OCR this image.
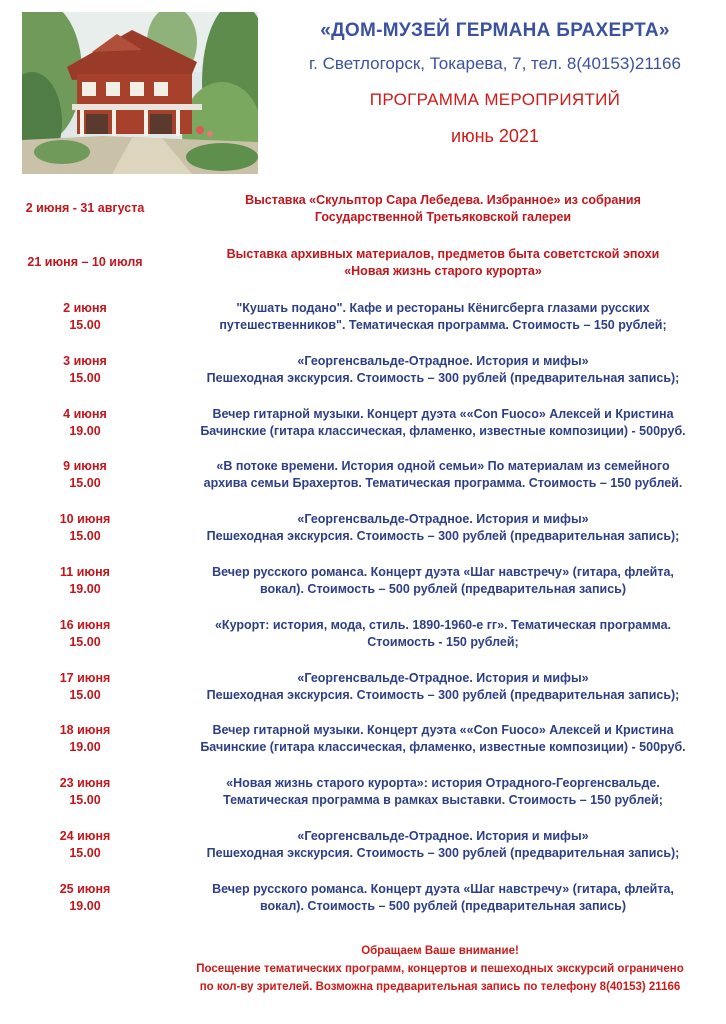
«ДОМ-МУЗЕЙ ГЕРМАНА БРАХЕРТА»
г. Светлогорск, Токарева, 7, тел. 8(40153)21166
ПРОГРАММА МЕРОПРИЯТИЙ
июнь 2021
2 июня - 31 августа
Выставка «Скульптор Сара Лебедева. Избранное» из собрания
Государственной Третьяковской галереи
21 июня – 10 июля
Выставка архивных материалов, предметов быта советстской эпохи
«Новая жизнь старого курорта»
2 июня
15.00
"Кушать подано". Кафе и рестораны Кёнигсберга глазами русских
путешественников". Тематическая программа. Стоимость – 150 рублей;
3 июня
15.00
«Георгенсвальде-Отрадное. История и мифы»
Пешеходная экскурсия. Стоимость – 300 рублей (предварительная запись);
4 июня
19.00
Вечер гитарной музыки. Концерт дуэта ««Con Fuoco» Алексей и Кристина
Бачинские (гитара классическая, фламенко, известные композиции) - 500руб.
9 июня
15.00
«В потоке времени. История одной семьи» По материалам из семейного
архива семьи Брахертов. Тематическая программа. Стоимость – 150 рублей.
10 июня
15.00
«Георгенсвальде-Отрадное. История и мифы»
Пешеходная экскурсия. Стоимость – 300 рублей (предварительная запись);
11 июня
19.00
Вечер русского романса. Концерт дуэта «Шаг навстречу» (гитара, флейта,
вокал). Стоимость – 500 рублей (предварительная запись)
16 июня
15.00
«Курорт: история, мода, стиль. 1890-1960-е гг». Тематическая программа.
Стоимость - 150 рублей;
17 июня
15.00
«Георгенсвальде-Отрадное. История и мифы»
Пешеходная экскурсия. Стоимость – 300 рублей (предварительная запись);
18 июня
19.00
Вечер гитарной музыки. Концерт дуэта ««Con Fuoco» Алексей и Кристина
Бачинские (гитара классическая, фламенко, известные композиции) - 500руб.
23 июня
15.00
«Новая жизнь старого курорта»: история Отрадного-Георгенсвальде.
Тематическая программа в рамках выставки. Стоимость – 150 рублей;
24 июня
15.00
«Георгенсвальде-Отрадное. История и мифы»
Пешеходная экскурсия. Стоимость – 300 рублей (предварительная запись);
25 июня
19.00
Вечер русского романса. Концерт дуэта «Шаг навстречу» (гитара, флейта,
вокал). Стоимость – 500 рублей (предварительная запись)
Обращаем Ваше внимание!
Посещение тематических программ, концертов и пешеходных экскурсий ограничено
по кол-ву зрителей. Возможна предварительная запись по телефону 8(40153) 21166
